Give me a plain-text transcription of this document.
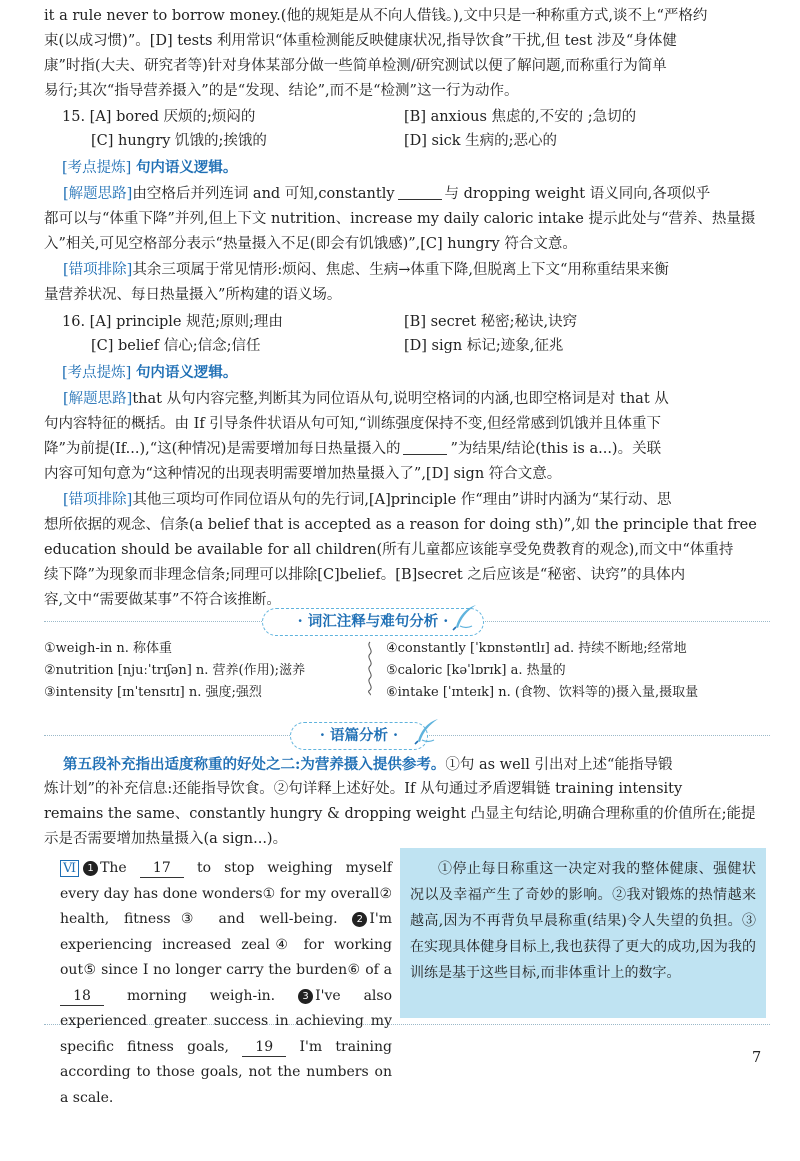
it a rule never to borrow money.(他的规矩是从不向人借钱。),文中只是一种称重方式,谈不上“严格约

束(以成习惯)”。[D] tests 利用常识“体重检测能反映健康状况,指导饮食”干扰,但 test 涉及“身体健

康”时指(大夫、研究者等)针对身体某部分做一些简单检测/研究测试以便了解问题,而称重行为简单

易行;其次“指导营养摄入”的是“发现、结论”,而不是“检测”这一行为动作。

15. [A] bored 厌烦的;烦闷的	[B] anxious 焦虑的,不安的 ;急切的
[C] hungry 饥饿的;挨饿的	[D] sick 生病的;恶心的

[考点提炼] 句内语义逻辑。

[解题思路]由空格后并列连词 and 可知,constantly	与 dropping weight 语义同向,各项似乎

都可以与“体重下降”并列,但上下文 nutrition、increase my daily caloric intake 提示此处与“营养、热量摄

入”相关,可见空格部分表示“热量摄入不足(即会有饥饿感)”,[C] hungry 符合文意。

[错项排除]其余三项属于常见情形:烦闷、焦虑、生病→体重下降,但脱离上下文“用称重结果来衡

量营养状况、每日热量摄入”所构建的语义场。

16. [A] principle 规范;原则;理由	[B] secret 秘密;秘诀,诀窍
[C] belief 信心;信念;信任	[D] sign 标记;迹象,征兆

[考点提炼] 句内语义逻辑。

[解题思路]that 从句内容完整,判断其为同位语从句,说明空格词的内涵,也即空格词是对 that 从

句内容特征的概括。由 If 引导条件状语从句可知,“训练强度保持不变,但经常感到饥饿并且体重下

降”为前提(If...),“这(种情况)是需要增加每日热量摄入的	”为结果/结论(this is a...)。关联

内容可知句意为“这种情况的出现表明需要增加热量摄入了”,[D] sign 符合文意。

[错项排除]其他三项均可作同位语从句的先行词,[A]principle 作“理由”讲时内涵为“某行动、思

想所依据的观念、信条(a belief that is accepted as a reason for doing sth)”,如 the principle that free

education should be available for all children(所有儿童都应该能享受免费教育的观念),而文中“体重持

续下降”为现象而非理念信条;同理可以排除[C]belief。[B]secret 之后应该是“秘密、诀窍”的具体内

容,文中“需要做某事”不符合该推断。

· 词汇注释与难句分析 ·
①weigh-in n. 称体重
②nutrition [njuːˈtrɪʃən] n. 营养(作用);滋养
③intensity [ɪnˈtensɪtɪ] n. 强度;强烈
④constantly [ˈkɒnstəntlɪ] ad. 持续不断地;经常地
⑤caloric [kəˈlɒrɪk] a. 热量的
⑥intake [ˈɪnteɪk] n. (食物、饮料等的)摄入量,摄取量
· 语篇分析 ·

第五段补充指出适度称重的好处之二:为营养摄入提供参考。①句 as well 引出对上述“能指导锻

炼计划”的补充信息:还能指导饮食。②句详释上述好处。If 从句通过矛盾逻辑链 training intensity

remains the same、constantly hungry & dropping weight 凸显主句结论,明确合理称重的价值所在;能提

示是否需要增加热量摄入(a sign...)。

Ⅵ 1 The 17 to stop weighing myself every day has done wonders① for my overall② health, fitness③ and well-being. 2 I'm experiencing increased zeal④ for working out⑤ since I no longer carry the burden⑥ of a 18	morning weigh-in.	3 I've also experienced greater success in achieving my specific fitness goals, 19 I'm training according to those goals, not the numbers on a scale.

①停止每日称重这一决定对我的整体健康、强健状况以及幸福产生了奇妙的影响。②我对锻炼的热情越来越高,因为不再背负早晨称重(结果)令人失望的负担。③在实现具体健身目标上,我也获得了更大的成功,因为我的训练是基于这些目标,而非体重计上的数字。
7
